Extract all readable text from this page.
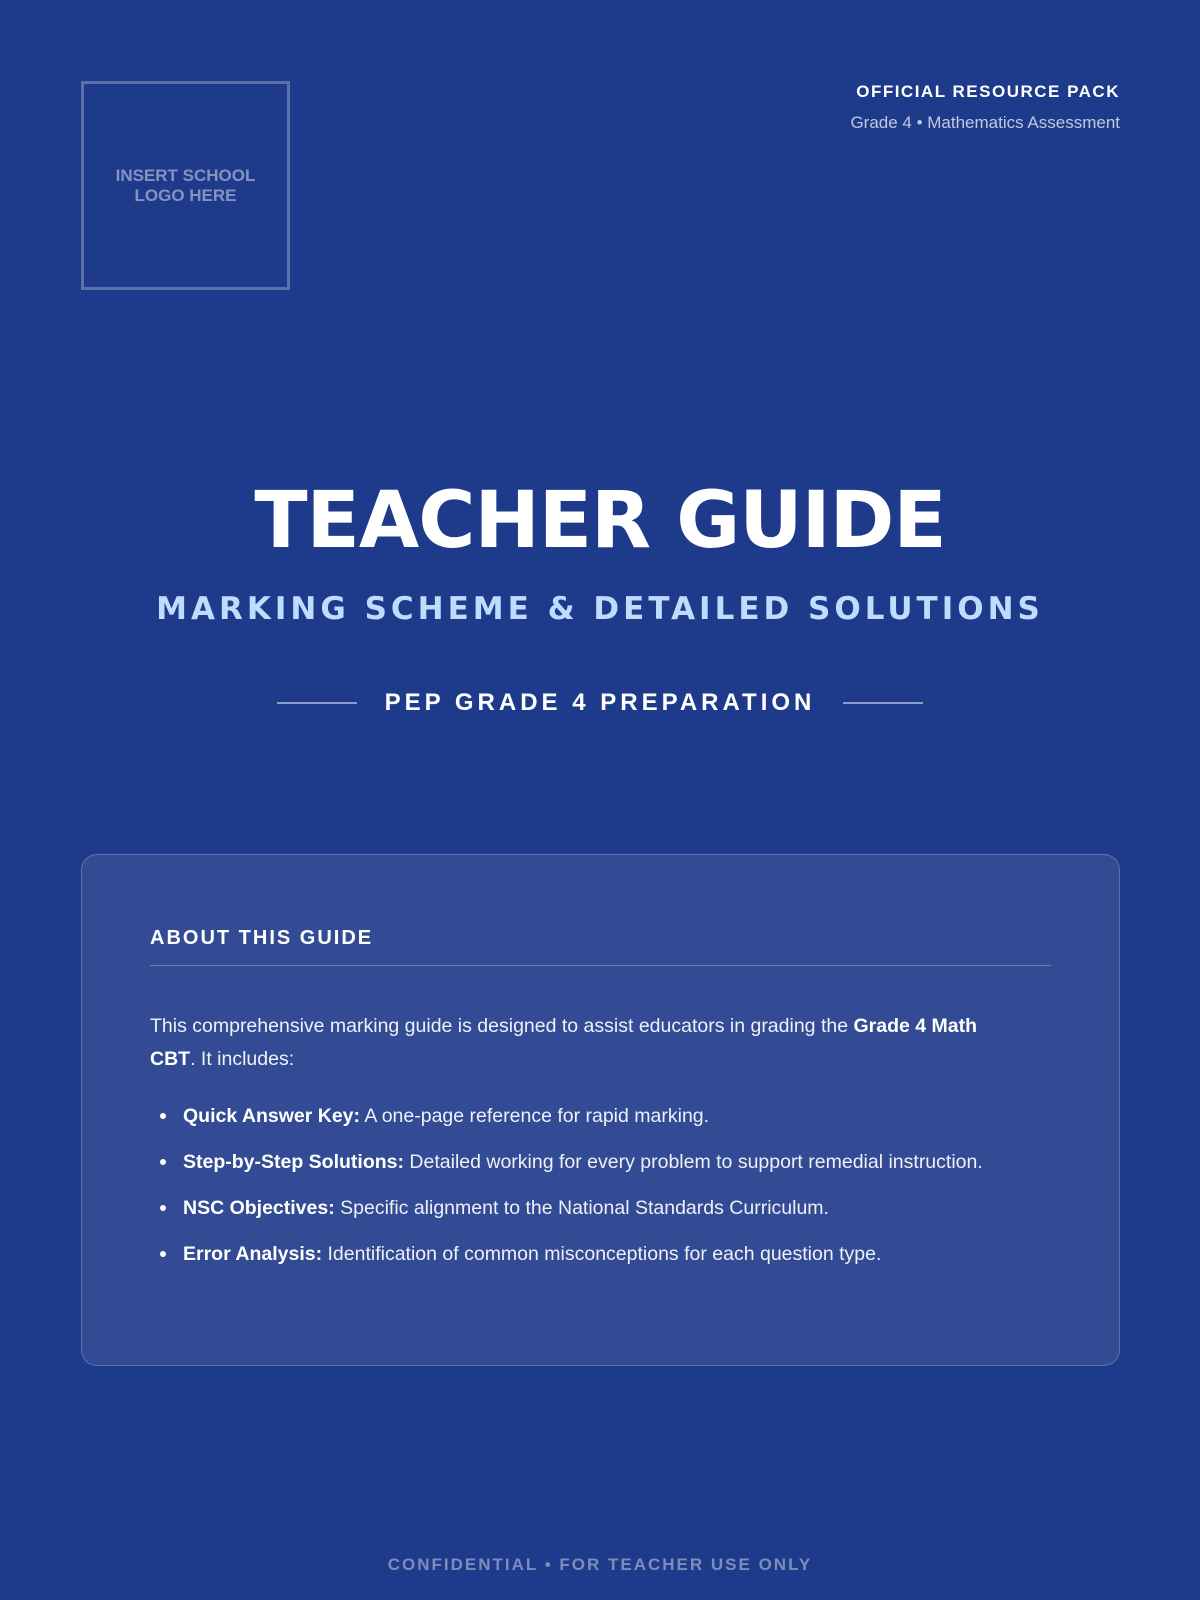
INSERT SCHOOL
LOGO HERE
OFFICIAL RESOURCE PACK
Grade 4 • Mathematics Assessment
TEACHER GUIDE
MARKING SCHEME & DETAILED SOLUTIONS
PEP GRADE 4 PREPARATION
ABOUT THIS GUIDE
This comprehensive marking guide is designed to assist educators in grading the Grade 4 Math CBT. It includes:
Quick Answer Key: A one-page reference for rapid marking.
Step-by-Step Solutions: Detailed working for every problem to support remedial instruction.
NSC Objectives: Specific alignment to the National Standards Curriculum.
Error Analysis: Identification of common misconceptions for each question type.
CONFIDENTIAL • FOR TEACHER USE ONLY
